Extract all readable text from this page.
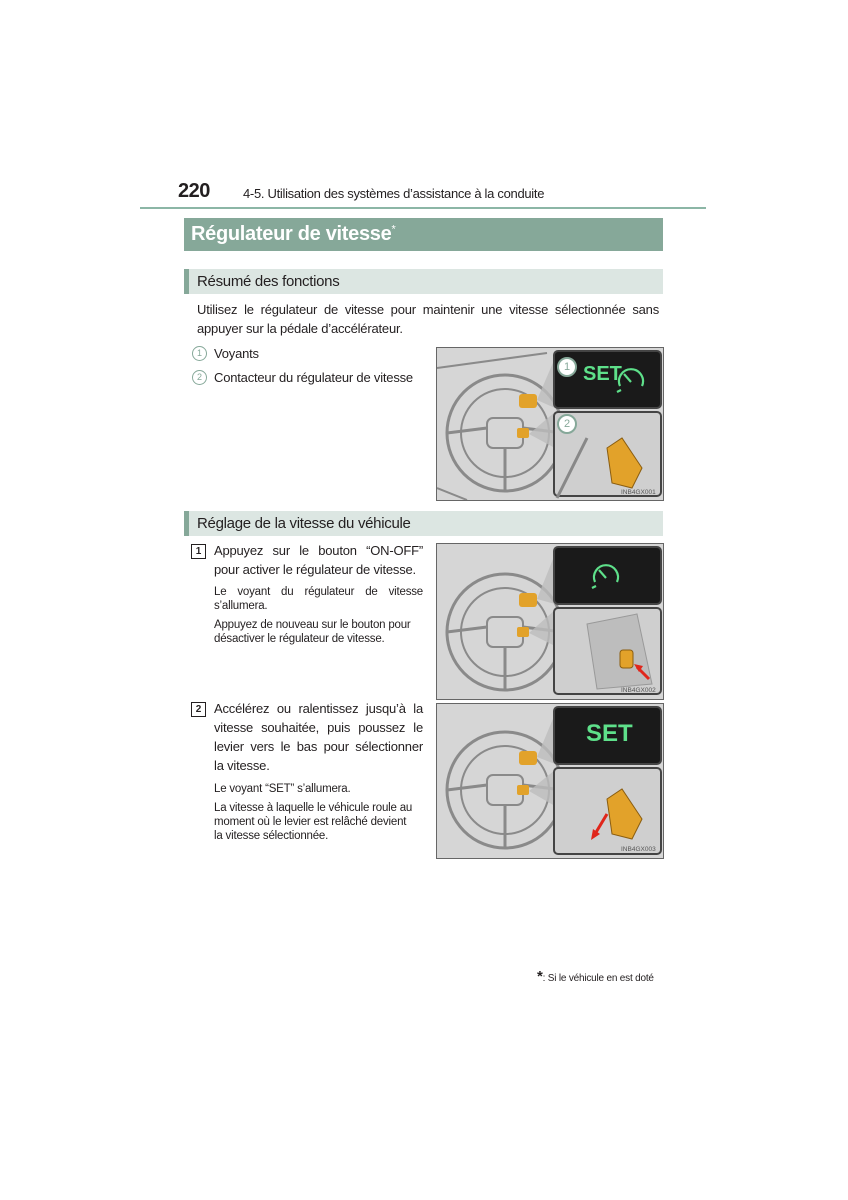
220	4-5. Utilisation des systèmes d’assistance à la conduite
Régulateur de vitesse*
Résumé des fonctions
Utilisez le régulateur de vitesse pour maintenir une vitesse sélectionnée sans
appuyer sur la pédale d’accélérateur.
1 Voyants
2 Contacteur du régulateur de vitesse	SET
1
2
INB4GX001
Réglage de la vitesse du véhicule
1 Appuyez sur le bouton “ON-OFF”
pour activer le régulateur de vitesse.
Le voyant du régulateur de vitesse
s’allumera.
Appuyez de nouveau sur le bouton pour
désactiver le régulateur de vitesse.
INB4GX002
2 Accélérez ou ralentissez jusqu’à la
vitesse souhaitée, puis poussez le
levier vers le bas pour sélectionner
la vitesse.
Le voyant “SET” s’allumera.
La vitesse à laquelle le véhicule roule au
moment où le levier est relâché devient
la vitesse sélectionnée.
SET
INB4GX003
*: Si le véhicule en est doté
